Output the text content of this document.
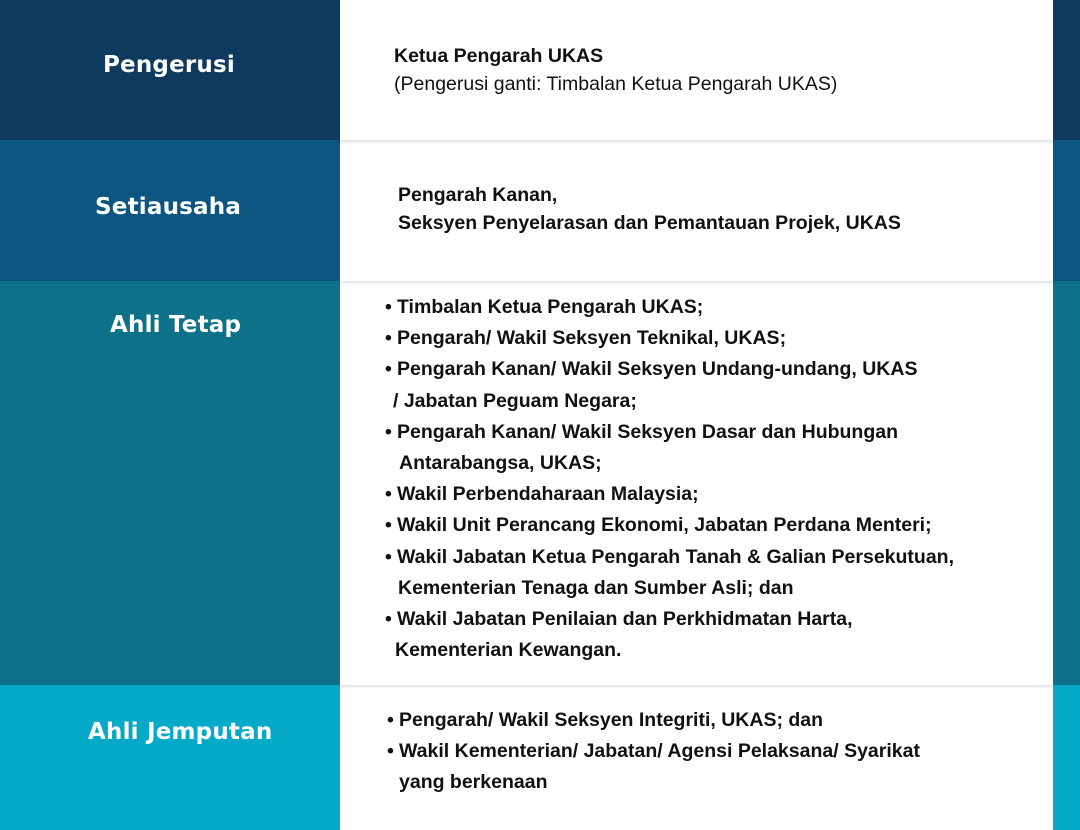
Pengerusi	Ketua Pengarah UKAS
(Pengerusi ganti: Timbalan Ketua Pengarah UKAS)
Setiausaha	Pengarah Kanan,
Seksyen Penyelarasan dan Pemantauan Projek, UKAS
Ahli Tetap
• Timbalan Ketua Pengarah UKAS;
• Pengarah/ Wakil Seksyen Teknikal, UKAS;
• Pengarah Kanan/ Wakil Seksyen Undang-undang, UKAS
/ Jabatan Peguam Negara;
• Pengarah Kanan/ Wakil Seksyen Dasar dan Hubungan
Antarabangsa, UKAS;
• Wakil Perbendaharaan Malaysia;
• Wakil Unit Perancang Ekonomi, Jabatan Perdana Menteri;
• Wakil Jabatan Ketua Pengarah Tanah & Galian Persekutuan,
Kementerian Tenaga dan Sumber Asli; dan
• Wakil Jabatan Penilaian dan Perkhidmatan Harta,
Kementerian Kewangan.
Ahli Jemputan
•	Pengarah/ Wakil Seksyen Integriti, UKAS; dan
• Wakil Kementerian/ Jabatan/ Agensi Pelaksana/ Syarikat
yang berkenaan
